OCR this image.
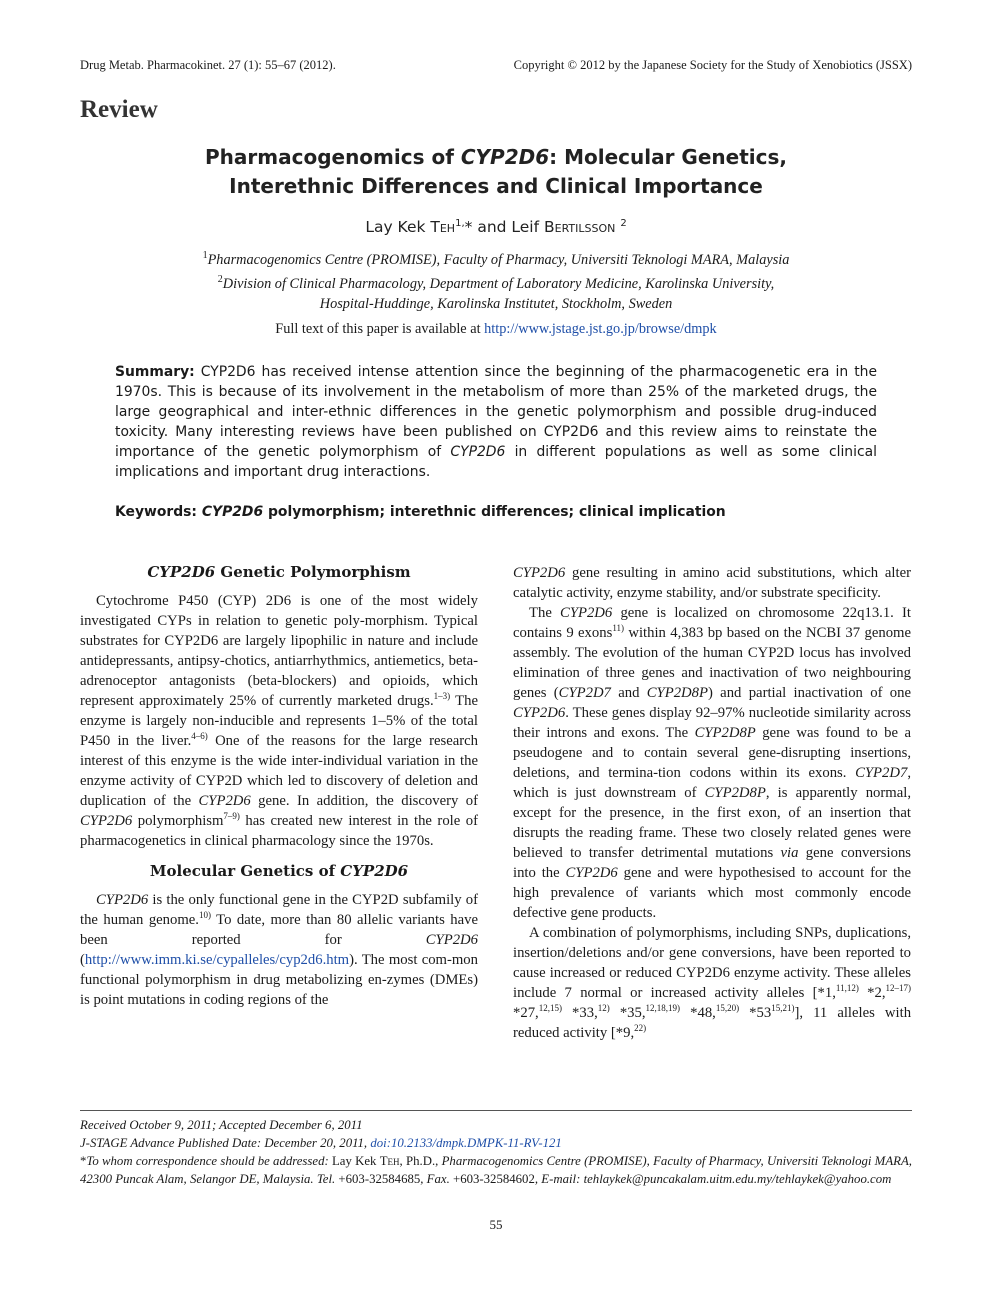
Drug Metab. Pharmacokinet. 27 (1): 55–67 (2012).	Copyright © 2012 by the Japanese Society for the Study of Xenobiotics (JSSX)
Review
Pharmacogenomics of CYP2D6: Molecular Genetics,
Interethnic Differences and Clinical Importance
Lay Kek Teh$^{1,}$* and Leif Bertilsson $^2$
$^1$Pharmacogenomics Centre (PROMISE), Faculty of Pharmacy, Universiti Teknologi MARA, Malaysia
$^2$Division of Clinical Pharmacology, Department of Laboratory Medicine, Karolinska University,
Hospital-Huddinge, Karolinska Institutet, Stockholm, Sweden
Full text of this paper is available at http://www.jstage.jst.go.jp/browse/dmpk
Summary: CYP2D6 has received intense attention since the beginning of the pharmacogenetic era in the 1970s. This is because of its involvement in the metabolism of more than 25% of the marketed drugs, the large geographical and inter-ethnic differences in the genetic polymorphism and possible drug-induced toxicity. Many interesting reviews have been published on CYP2D6 and this review aims to reinstate the importance of the genetic polymorphism of CYP2D6 in different populations as well as some clinical implications and important drug interactions.
Keywords: CYP2D6 polymorphism; interethnic differences; clinical implication
CYP2D6 Genetic Polymorphism

Cytochrome P450 (CYP) 2D6 is one of the most widely investigated CYPs in relation to genetic poly-morphism. Typical substrates for CYP2D6 are largely lipophilic in nature and include antidepressants, antipsy-chotics, antiarrhythmics, antiemetics, beta-adrenoceptor antagonists (beta-blockers) and opioids, which represent approximately 25% of currently marketed drugs.$^{1-3)}$ The enzyme is largely non-inducible and represents 1–5% of the total P450 in the liver.$^{4-6)}$ One of the reasons for the large research interest of this enzyme is the wide inter-individual variation in the enzyme activity of CYP2D which led to discovery of deletion and duplication of the CYP2D6 gene. In addition, the discovery of CYP2D6 polymorphism$^{7-9)}$ has created new interest in the role of pharmacogenetics in clinical pharmacology since the 1970s.

Molecular Genetics of CYP2D6

CYP2D6 is the only functional gene in the CYP2D subfamily of the human genome.$^{10)}$ To date, more than 80 allelic variants have been reported for CYP2D6 (http://www.imm.ki.se/cypalleles/cyp2d6.htm). The most com-mon functional polymorphism in drug metabolizing en-zymes (DMEs) is point mutations in coding regions of the

CYP2D6 gene resulting in amino acid substitutions, which alter catalytic activity, enzyme stability, and/or substrate specificity.

The CYP2D6 gene is localized on chromosome 22q13.1. It contains 9 exons$^{11)}$ within 4,383 bp based on the NCBI 37 genome assembly. The evolution of the human CYP2D locus has involved elimination of three genes and inactivation of two neighbouring genes (CYP2D7 and CYP2D8P) and partial inactivation of one CYP2D6. These genes display 92–97% nucleotide similarity across their introns and exons. The CYP2D8P gene was found to be a pseudogene and to contain several gene-disrupting insertions, deletions, and termina-tion codons within its exons. CYP2D7, which is just downstream of CYP2D8P, is apparently normal, except for the presence, in the first exon, of an insertion that disrupts the reading frame. These two closely related genes were believed to transfer detrimental mutations via gene conversions into the CYP2D6 gene and were hypothesised to account for the high prevalence of variants which most commonly encode defective gene products.

A combination of polymorphisms, including SNPs, duplications, insertion/deletions and/or gene conversions, have been reported to cause increased or reduced CYP2D6 enzyme activity. These alleles include 7 normal or increased activity alleles [*1,$^{11,12)}$ *2,$^{12-17)}$ *27,$^{12,15)}$ *33,$^{12)}$ *35,$^{12,18,19)}$ *48,$^{15,20)}$ *53$^{15,21)}$], 11 alleles with reduced activity [*9,$^{22)}$

Received October 9, 2011; Accepted December 6, 2011

J-STAGE Advance Published Date: December 20, 2011, doi:10.2133/dmpk.DMPK-11-RV-121

*To whom correspondence should be addressed: Lay Kek Teh, Ph.D., Pharmacogenomics Centre (PROMISE), Faculty of Pharmacy, Universiti Teknologi MARA, 42300 Puncak Alam, Selangor DE, Malaysia. Tel. +603-32584685, Fax. +603-32584602, E-mail: tehlaykek@puncakalam.uitm.edu.my/tehlaykek@yahoo.com

55
